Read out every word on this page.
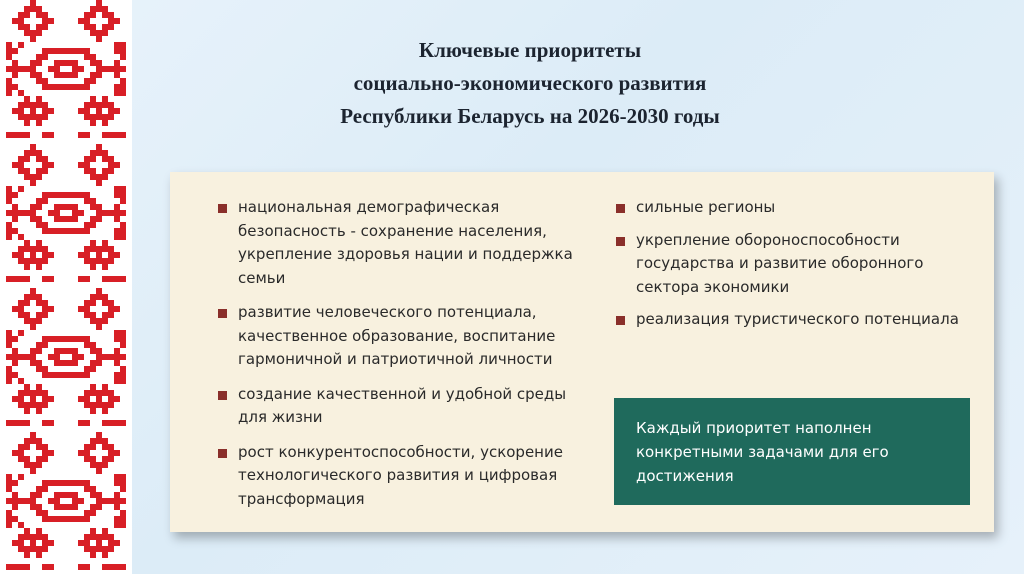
Ключевые приоритеты
социально-экономического развития
Республики Беларусь на 2026-2030 годы
национальная демографическая безопасность - сохранение населения, укрепление здоровья нации и поддержка семьи
развитие человеческого потенциала, качественное образование, воспитание гармоничной и патриотичной личности
создание качественной и удобной среды для жизни
рост конкурентоспособности, ускорение технологического развития и цифровая трансформация
сильные регионы
укрепление обороноспособности государства и развитие оборонного сектора экономики
реализация туристического потенциала
Каждый приоритет наполнен конкретными задачами для его достижения
